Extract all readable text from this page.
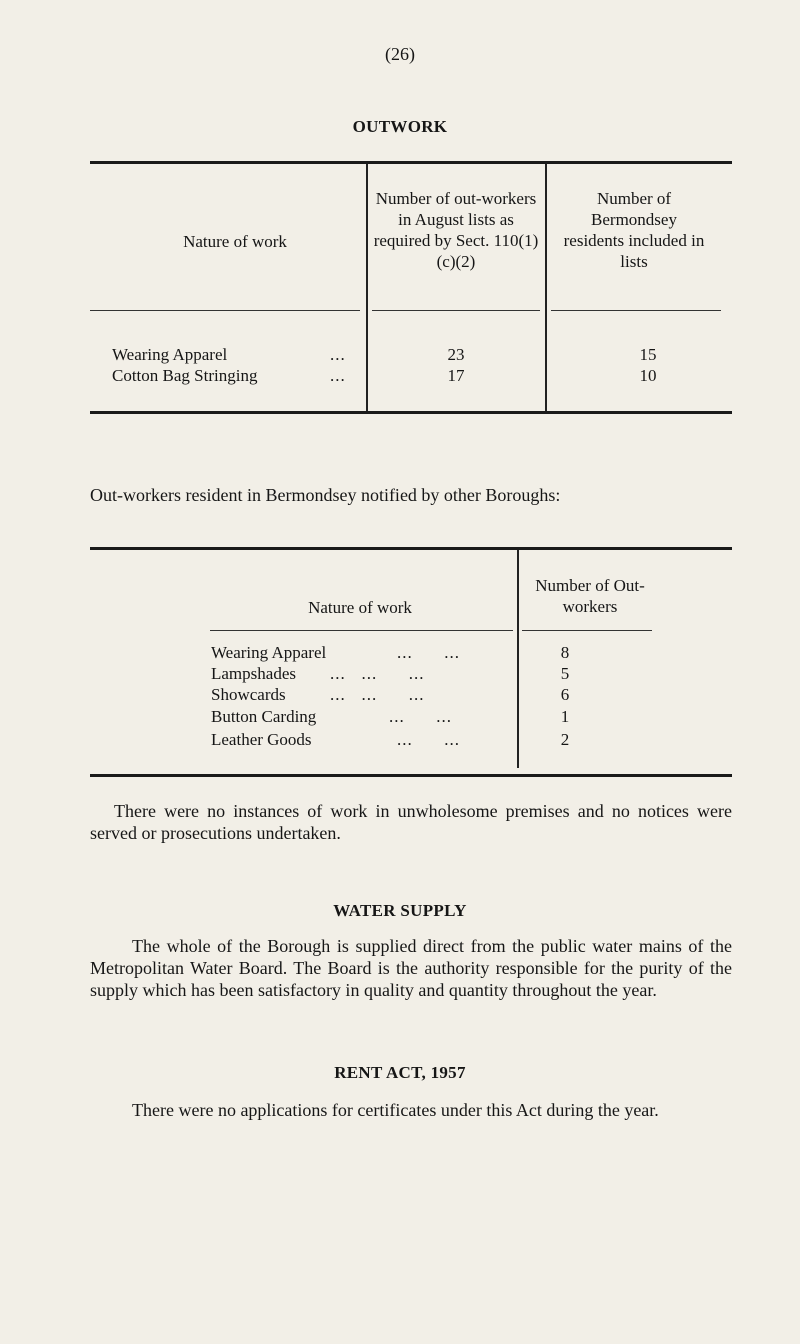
(26)
OUTWORK
Nature of work
Number of out-workers in August lists as required by Sect. 110(1)(c)(2)
Number of Bermondsey residents included in lists
Wearing Apparel	...	23	15
Cotton Bag Stringing	...	17	10
Out-workers resident in Bermondsey notified by other Boroughs:
Nature of work
Number of Out-workers
Wearing Apparel	...      ...	8
Lampshades ...   ...      ...	5
Showcards	...   ...      ...	6
Button Carding	...      ...	1
Leather Goods	...      ...	2
There were no instances of work in unwholesome premises and no notices were served or prosecutions undertaken.
WATER SUPPLY
The whole of the Borough is supplied direct from the public water mains of the Metropolitan Water Board. The Board is the authority responsible for the purity of the supply which has been satisfactory in quality and quantity throughout the year.
RENT ACT, 1957
There were no applications for certificates under this Act during the year.
